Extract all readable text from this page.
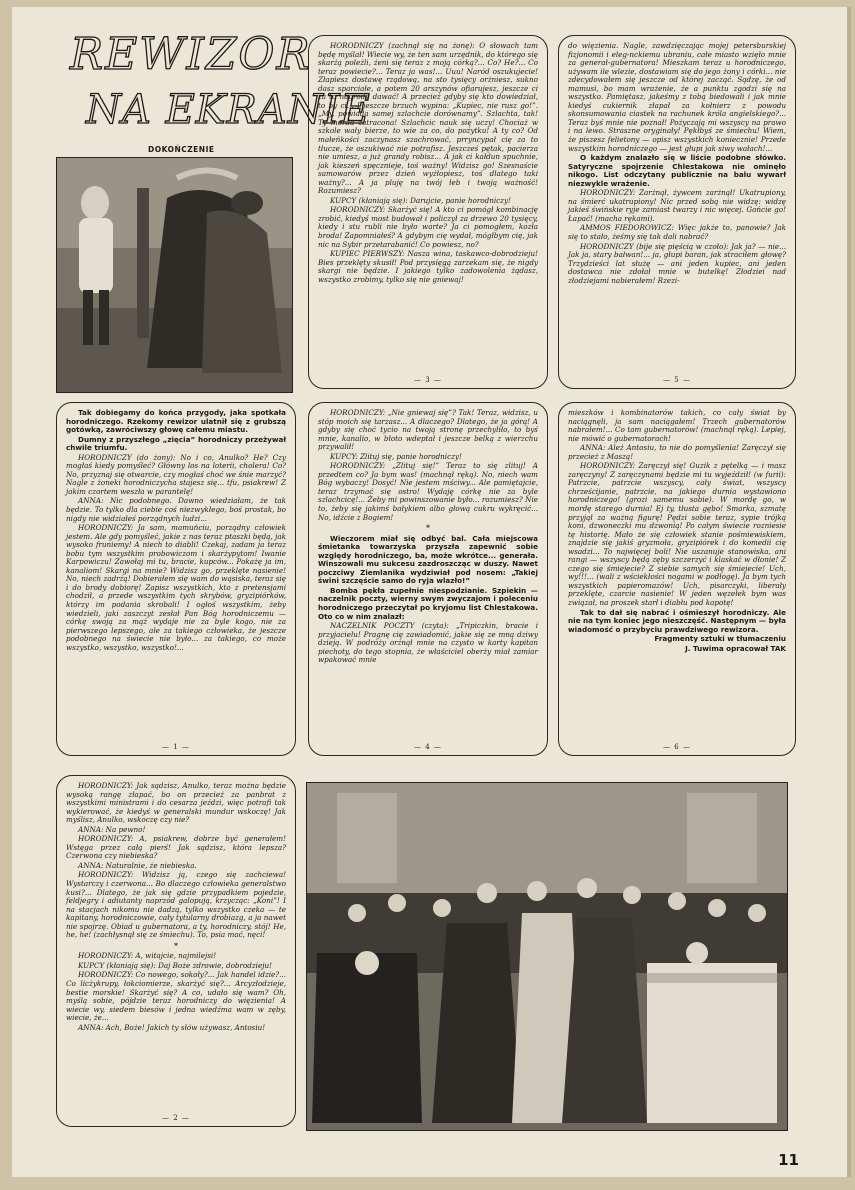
REWIZOR
NA EKRANIE
DOKOŃCZENIE

HORODNICZY (zachnął się na żonę): O słowach tam będę myślał! Wiecie wy, że ten sam urzędnik, do którego się skarżą poleżli, żeni się teraz z moją córką?... Co? He?... Co teraz powiecie?... Teraz ja was!... Uuu! Naród oszukujecie! Złapiesz dostawę rządową, na sto tysięcy orżniesz, sukno dasz sparciałe, a potem 20 arszynów ofiarujesz, jeszcze ci za to nagrodę dawać! A przecież gdyby się kto dowiedział, to by ci... I jeszcze brzuch wypina: „Kupiec, nie rusz go!”. „My, powiada samej szlachcie dorównamy”. Szlachta, tak! Ty morda zatracona! Szlachcic nauk się uczy! Chociaż w szkole wały bierze, to wie za co, do pożytku! A ty co? Od małeńkości zaczynasz szachrować, prryncypał cię za to tłucze, że oszukiwać nie potrafisz. Jeszcześ pętak, pacierza nie umiesz, a już grandy robisz... A jak ci kałdun spuchnie, jak kieszeń spęcznieje, toś ważny! Widzisz go! Szesnaście samowarów przez dzień wyżłopiesz, toś dlatego taki ważny?... A ja pluję na twój łeb i twoją ważność! Rozumiesz?

KUPCY (kłaniają się): Darujcie, panie horodniczy!

HORODNICZY: Skarżyć się! A kto ci pomógł kombinację zrobić, kiedyś most budował i policzył za drzewo 20 tysięcy, kiedy i stu rubli nie było warte? Ja ci pomogłem, kozła broda! Zapomniałeś? A gdybym cię wydał, mógłbym cię, jak nic na Sybir przetarabanić! Co powiesz, no?

KUPIEC PIERWSZY: Nasza wina, taskawco-dobrodzieju! Bies przeklęty skusił! Pod przysięgą zarzekam się, że nigdy skargi nie będzie. I jakiego tylko zadowolenia żądasz, wszystko zrobimy, tylko się nie gniewaj!

— 3 —

do więzienia. Nagle, zawdzięczając mojej petersburskiej fizjonomii i eleg-nckiemu ubraniu, całe miasto wzięło mnie za generał-gubernatora! Mieszkam teraz u horodniczego, używam ile wlezie, dostawiam się do jego żony i córki... nie zdecydowałem się jeszcze od której zacząć. Sądzę, że od mamusi, bo mam wrażenie, że a punktu zgodzi się na wszystko. Pamiętasz, jakeśmy z tobą biedowali i jak mnie kiedyś cukiernik złapał za kołnierz z powodu skonsumowania ciastek na rachunek króla angielskiego?... Teraz byś mnie nie poznał! Pożyczają mi wszyscy na prawo i na lewo. Straszne oryginały! Pękłbyś ze śmiechu! Wiem, że piszesz felietony — opisz wszystkich koniecznie! Przede wszystkim horodniczego — jest głupi jak siwy wałach!...

O każdym znalazło się w liście podobne słówko. Satyryczne spojrzenie Chlestakowa nie ominęło nikogo. List odczytany publicznie na balu wywarł niezwykle wrażenie.

HORODNICZY: Zarżnął, żywcem zarżnął! Ukatrupiony, na śmierć ukatrupiony! Nic przed sobą nie widzę: widzę jakieś świńskie ryje zamiast twarzy i nic więcej. Gońcie go! Łapać! (macha rękami).

AMMOS FIEDOROWICZ: Więc jakże to, panowie? Jak się to stało, żeśmy się tak dali nabrać?

HORODNICZY (bije się pięścią w czoło): Jak ja? — nie... Jak ja, stary bałwan!... ja, głupi baran, jak straciłem głowę? Trzydzieści lat służę — ani jeden kupiec, ani jeden dostawca nie zdołał mnie w butelkę! Złodziei nad złodziejami nabierałem! Rzezi-

— 5 —

Tak dobiegamy do końca przygody, jaka spotkała horodniczego. Rzekomy rewizor ulatnił się z grubszą gotówką, zawróciwszy głowę całemu miastu.

Dumny z przyszłego „zięcia” horodniczy przeżywał chwile triumfu.

HORODNICZY (do żony): No i co, Anulko? He? Czy mogłaś kiedy pomyśleć? Główny los na loterii, cholera! Co? No, przyznaj się otwarcie, czy mogłaś choć we śnie marzyć? Nagle z żoneki horodniczycha stajesz się... tfu, psiakrew! Z jakim czortem weszła w parantelę!

ANNA: Nic podobnego. Dawno wiedziałam, że tak będzie. To tylko dla ciebie coś niezwykłego, boś prostak, bo nigdy nie widziałeś porządnych ludzi...

HORODNICZY: Ja sam, mamuńciu, porządny człowiek jestem. Ale gdy pomyśleć, jakie z nas teraz ptaszki będą, jak wysoko fruniemy! A niech to diabli! Czekaj, zadam ja teraz bobu tym wszystkim probowiczom i skarżypytom! Iwanie Karpowiczu! Zawołaj mi tu, bracie, kupców... Pokażę ja im, kanaliom! Skargi na mnie? Widzisz go, przeklęte nasienie! No, niech zadrżą! Dobierałem się wam do wąsiska, teraz się i do brody dobiorę! Zapisz wszystkich, kto z pretensjami chodził, a przede wszystkim tych skrybów, gryzipiórków, którzy im podania skrobali! I ogłoś wszystkim, żeby wiedzieli, jaki zaszczyt zesłał Pan Bóg horodniczemu — córkę swoją za mąż wydaje nie za byle kogo, nie za pierwszego lepszego, ale za takiego człowieka, że jeszcze podobnego na świecie nie było... za takiego, co może wszystko, wszystko, wszystko!...

— 1 —

HORODNICZY: „Nie gniewaj się”? Tak! Teraz, widzisz, u stóp moich się tarzasz... A dlaczego? Dlatego, że ja górą! A gdyby się choć tycio na twoją stronę przechyliło, to byś mnie, kanalio, w błoto wdeptał i jeszcze belką z wierzchu przywalił!

KUPCY: Zlituj się, panie horodniczy!

HORODNICZY: „Zlituj się!” Teraz to się zlituj! A przedtem co? Ja bym was! (machnął ręką). No, niech wam Bóg wybaczy! Dosyć! Nie jestem mściwy... Ale pamiętajcie, teraz trzymać się ostro! Wydaję córkę nie za byle szlachcicę!... Żeby mi powinszowanie było... rozumiesz? Nie to, żeby się jakimś bałykiem albo głową cukru wykręcić... No, idźcie z Bogiem!

*

Wieczorem miał się odbyć bal. Cała miejscowa śmietanka towarzyska przyszła zapewnić sobie względy horodniczego, ba, może wkrótce... generała. Winszowali mu sukcesu zazdroszcząc w duszy. Nawet poczciwy Ziemlanika wydziwiał pod nosem: „Takiej świni szczęście samo do ryja wlazło!”

Bomba pękła zupełnie niespodzianie. Szpiekin — naczelnik poczty, wierny swym zwyczajom i poleceniu horodniczego przeczytał po kryjomu list Chlestakowa. Oto co w nim znalazł:

NACZELNIK POCZTY (czyta): „Tripiczkin, bracie i przyjacielu! Pragnę cię zawiadomić, jakie się ze mną dziwy dzieją. W podróży orżnął mnie na czysto w karty kapitan piechoty, do tego stopnia, że właściciel oberży miał zamiar wpakować mnie

— 4 —

mieszków i kombinatorów takich, co cały świat by naciągnęli, ja sam naciągałem! Trzech gubernatorów nabrałem!... Co tam gubernatorów! (machnął ręką). Lepiej, nie mówić o gubernatorach!

ANNA: Ależ Antosiu, to nie do pomyślenia! Zaręczył się przecież z Maszą!

HORODNICZY: Zaręczył się! Guzik z pętelką — i masz zaręczyny! Z zaręczynami będzie mi tu wyjeździł! (w furii): Patrzcie, patrzcie wszyscy, cały świat, wszyscy chrześcijanie, patrzcie, na jakiego durnia wystawiono horodniczego! (grozi samemu sobie). W mordę go, w mordę starego durnia! Ej ty, tłusta gębo! Smarka, szmatę przyjął za ważną figurę! Pędzi sobie teraz, sypie trójką koni, dzwoneczki mu dzwonią! Po całym świecie rozniesie tę historię. Mało że się człowiek stanie pośmiewiskiem, znajdzie się jakiś gryzmoła, gryzipiórek i do komedii cię wsadzi... To najwięcej boli! Nie uszanuje stanowiska, ani rangi — wszyscy będą zęby szczerzyć i klaskać w dłonie! Z czego się śmiejecie? Z siebie samych się śmiejecie! Uch, wy!!!... (wali z wściekłości nogami w podłogę). Ja bym tych wszystkich papieromazów! Uch, pisarczyki, liberały przeklęte, czarcie nasienie! W jeden węzełek bym was związał, na proszek starł i diabłu pod kapotę!

Tak to dał się nabrać i ośmieszył horodniczy. Ale nie na tym koniec jego nieszczęść. Następnym — była wiadomość o przybyciu prawdziwego rewizora.

Fragmenty sztuki w tłumaczeniu

J. Tuwima opracował TAK

— 6 —

HORODNICZY: Jak sądzisz, Anulko, teraz można będzie wysoką rangę złapać, bo on przecież za panbrat z wszystkimi ministrami i do cesarza jeździ, więc potrafi tak wykierować, że kiedyś w generalski mundur wskoczę! Jak myślisz, Anulko, wskoczę czy nie?

ANNA: Na pewno!

HORODNICZY: A, psiakrew, dobrze być generałem! Wstęga przez całą pierś! Jak sądzisz, która lepsza? Czerwona czy niebieska?

ANNA: Naturalnie, że niebieska.

HORODNICZY: Widzisz ją, czego się zachciewa! Wystarczy i czerwona... Bo dlaczego człowieka generalstwo kusi?... Dlatego, że jak się gdzie przypadkiem pojedzie, feldjegry i adiutanty naprzód galopują, krzycząc: „Koni”! I na stacjach nikomu nie dadzą, tylko wszystko czeka — te kapitany, horodniczowie, cały tytularny drobiazg, a ja nawet nie spojrzę. Obiad u gubernatora, a ty, horodniczy, stój! He, he, he! (zachłysnął się ze śmiechu). To, psia mać, nęci!

*

HORODNICZY: A, witajcie, najmilejsi!

KUPCY (kłaniają się): Daj Boże zdrowie, dobrodzieju!

HORODNICZY: Co nowego, sokoły?... Jak handel idzie?... Co licżykrupy, łokciomierze, skarżyć się?... Arcyzłodzieje, bestie morskie! Skarżyć się? A co, udało się wam? Oh, myślą sobie, pójdzie teraz horodniczy do więzienia! A wiecie wy, siedem biesów i jedna wiedźma wam w zęby, wiecie, że...

ANNA: Ach, Boże! Jakich ty słów używasz, Antosiu!

— 2 —
11
